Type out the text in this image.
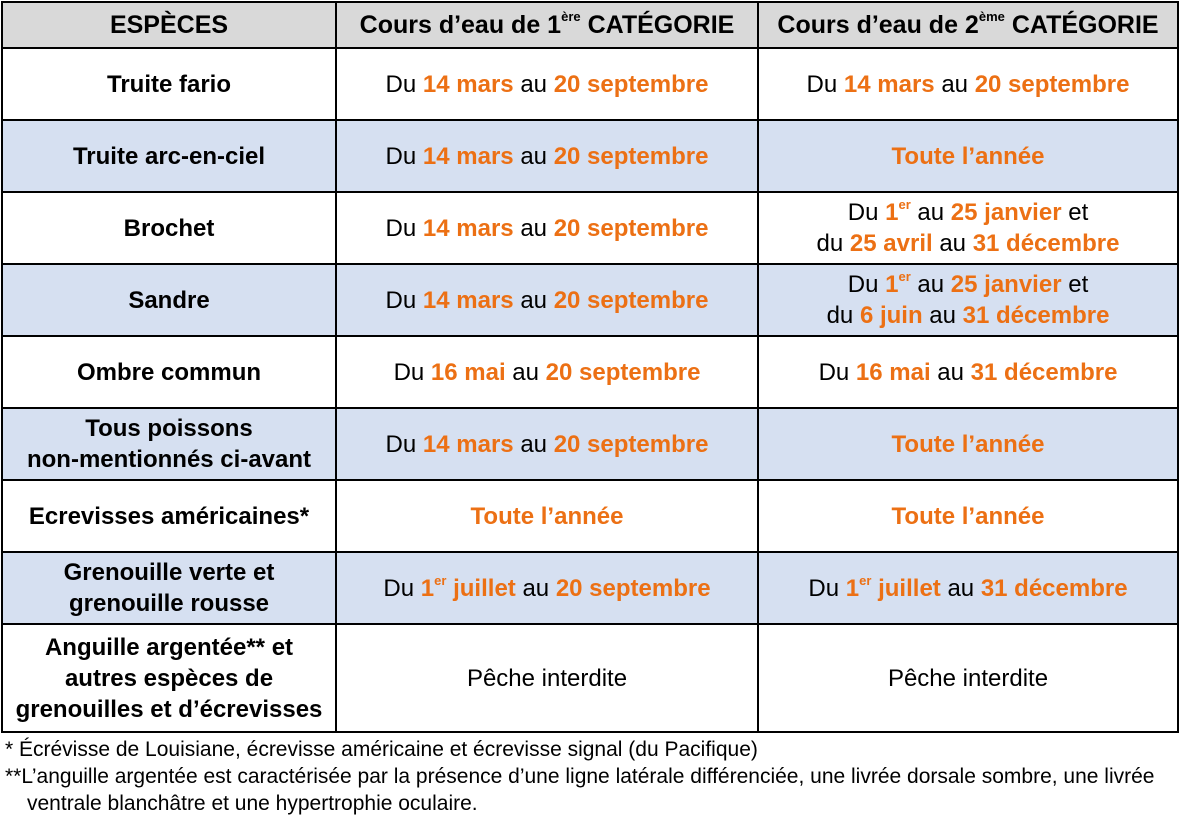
ESPÈCES	Cours d’eau de 1ère CATÉGORIE	Cours d’eau de 2ème CATÉGORIE
Truite fario	Du 14 mars au 20 septembre	Du 14 mars au 20 septembre
Truite arc-en-ciel	Du 14 mars au 20 septembre	Toute l’année
Brochet	Du 14 mars au 20 septembre	Du 1er au 25 janvier et
du 25 avril au 31 décembre

Sandre	Du 14 mars au 20 septembre	Du 1er au 25 janvier et
du 6 juin au 31 décembre

Ombre commun	Du 16 mai au 20 septembre	Du 16 mai au 31 décembre

Tous poissons
non-mentionnés ci-avant	Du 14 mars au 20 septembre	Toute l’année
Ecrevisses américaines*	Toute l’année	Toute l’année

Grenouille verte et
grenouille rousse	Du 1er juillet au 20 septembre	Du 1er juillet au 31 décembre

Anguille argentée** et
autres espèces de
grenouilles et d’écrevisses	Pêche interdite	Pêche interdite
* Écrévisse de Louisiane, écrevisse américaine et écrevisse signal (du Pacifique)
**L’anguille argentée est caractérisée par la présence d’une ligne latérale différenciée, une livrée dorsale sombre, une livrée ventrale blanchâtre et une hypertrophie oculaire.
